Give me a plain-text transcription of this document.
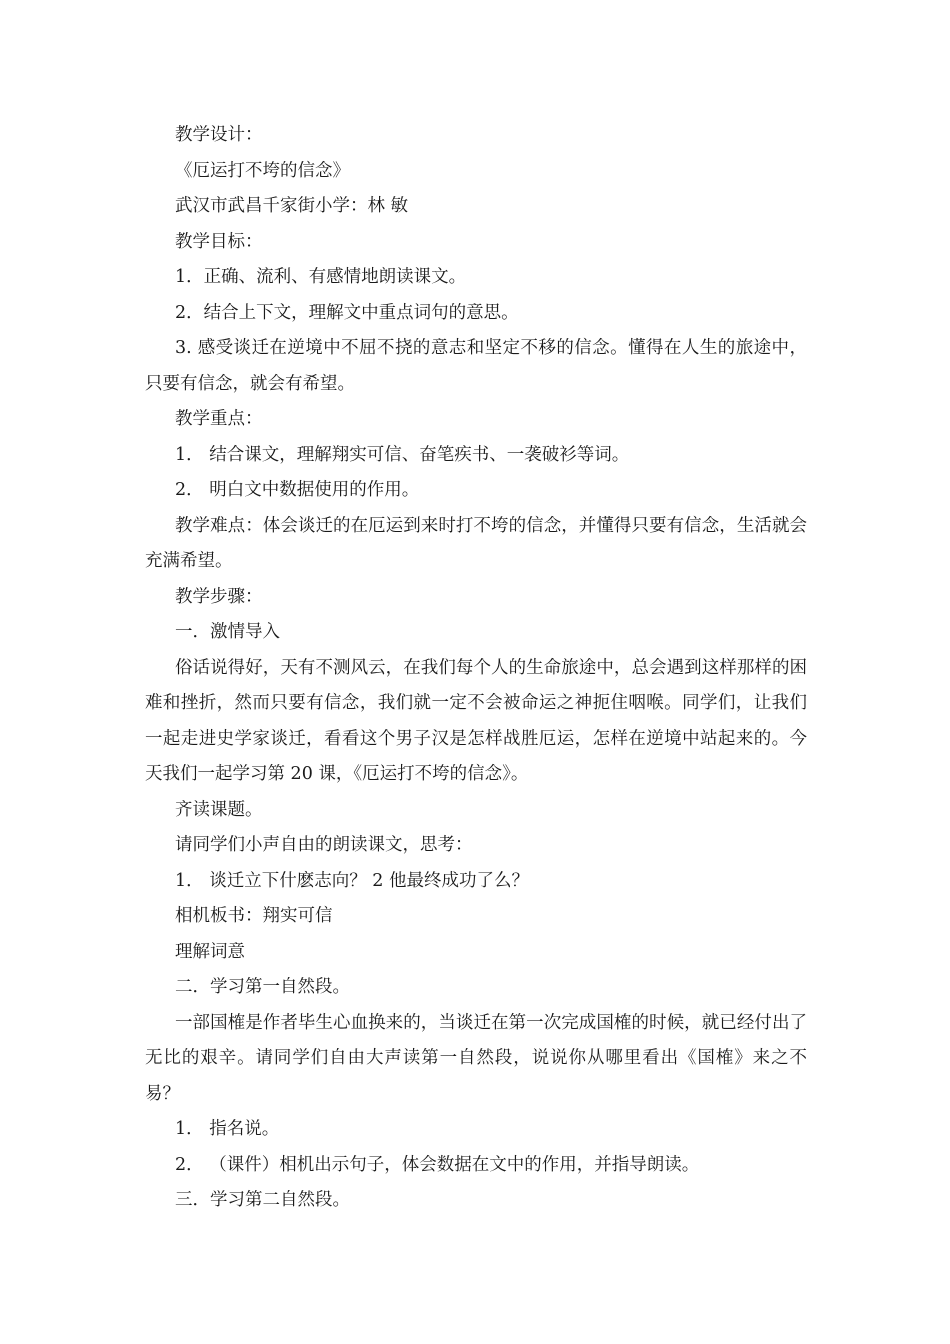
教学设计：

《厄运打不垮的信念》

武汉市武昌千家街小学：林 敏

教学目标：

1．正确、流利、有感情地朗读课文。

2．结合上下文，理解文中重点词句的意思。

3. 感受谈迁在逆境中不屈不挠的意志和坚定不移的信念。懂得在人生的旅途中，只要有信念，就会有希望。

教学重点：

1． 结合课文，理解翔实可信、奋笔疾书、一袭破衫等词。

2． 明白文中数据使用的作用。

教学难点：体会谈迁的在厄运到来时打不垮的信念，并懂得只要有信念，生活就会充满希望。

教学步骤：

一．激情导入

俗话说得好，天有不测风云，在我们每个人的生命旅途中，总会遇到这样那样的困难和挫折，然而只要有信念，我们就一定不会被命运之神扼住咽喉。同学们，让我们一起走进史学家谈迁，看看这个男子汉是怎样战胜厄运，怎样在逆境中站起来的。今天我们一起学习第 20 课，《厄运打不垮的信念》。

齐读课题。

请同学们小声自由的朗读课文，思考：

1． 谈迁立下什麽志向？ 2 他最终成功了么？

相机板书：翔实可信

理解词意

二．学习第一自然段。

一部国榷是作者毕生心血换来的，当谈迁在第一次完成国榷的时候，就已经付出了无比的艰辛。请同学们自由大声读第一自然段，说说你从哪里看出《国榷》来之不易？

1． 指名说。

2． （课件）相机出示句子，体会数据在文中的作用，并指导朗读。

三．学习第二自然段。
